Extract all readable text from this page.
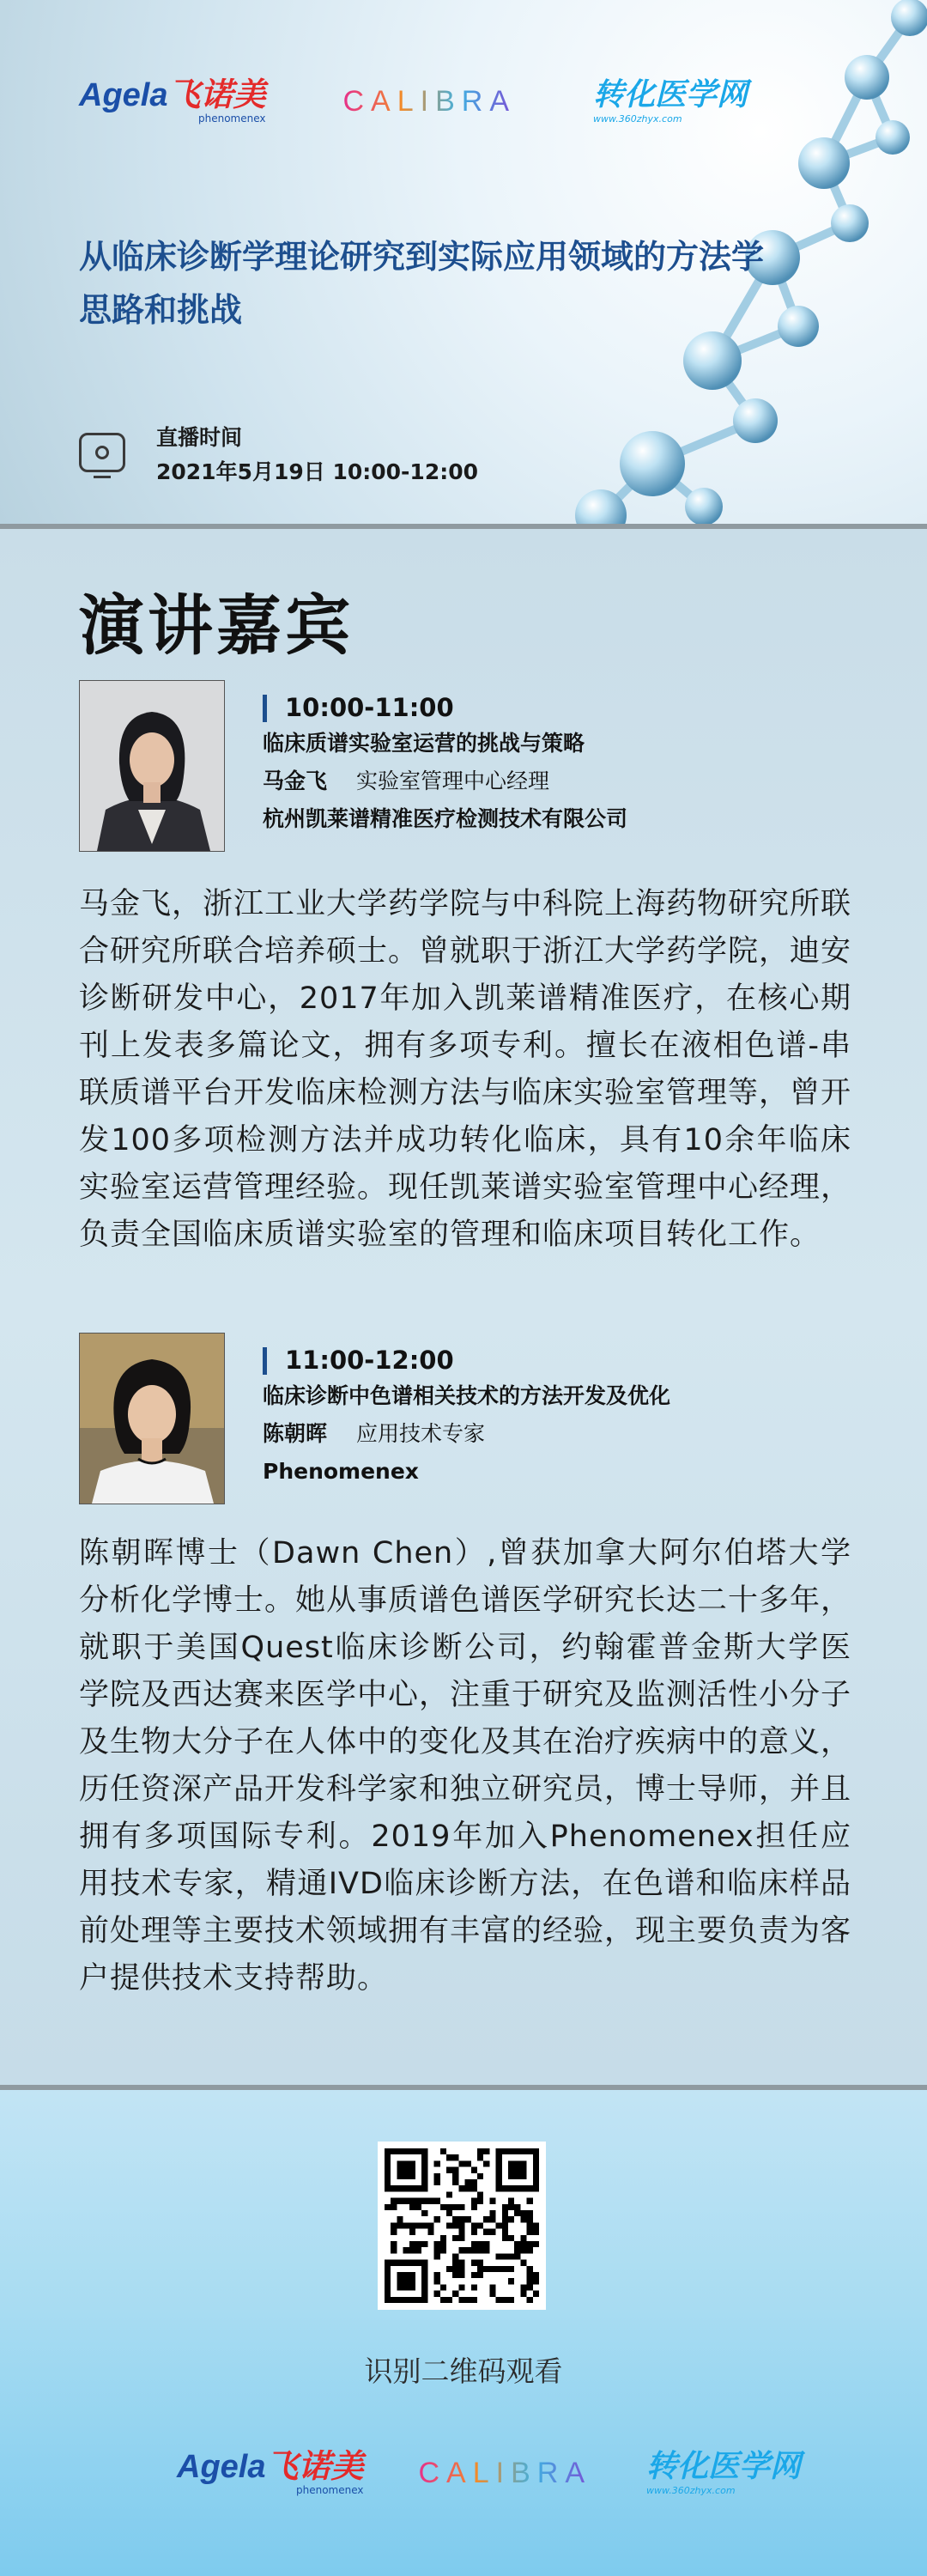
Agela飞诺美
phenomenex
CALIBRA	转化医学网
www.360zhyx.com
从临床诊断学理论研究到实际应用领域的方法学思路和挑战
直播时间
2021年5月19日 10:00-12:00
演讲嘉宾
10:00-11:00
临床质谱实验室运营的挑战与策略
马金飞 实验室管理中心经理
杭州凯莱谱精准医疗检测技术有限公司
马金飞，浙江工业大学药学院与中科院上海药物研究所联合研究所联合培养硕士。曾就职于浙江大学药学院，迪安诊断研发中心，2017年加入凯莱谱精准医疗，在核心期刊上发表多篇论文，拥有多项专利。擅长在液相色谱-串联质谱平台开发临床检测方法与临床实验室管理等，曾开发100多项检测方法并成功转化临床，具有10余年临床实验室运营管理经验。现任凯莱谱实验室管理中心经理，负责全国临床质谱实验室的管理和临床项目转化工作。
11:00-12:00
临床诊断中色谱相关技术的方法开发及优化
陈朝晖 应用技术专家
Phenomenex
陈朝晖博士（Dawn Chen）,曾获加拿大阿尔伯塔大学分析化学博士。她从事质谱色谱医学研究长达二十多年，就职于美国Quest临床诊断公司，约翰霍普金斯大学医学院及西达赛来医学中心，注重于研究及监测活性小分子及生物大分子在人体中的变化及其在治疗疾病中的意义，历任资深产品开发科学家和独立研究员，博士导师，并且拥有多项国际专利。2019年加入Phenomenex担任应用技术专家，精通IVD临床诊断方法，在色谱和临床样品前处理等主要技术领域拥有丰富的经验，现主要负责为客户提供技术支持帮助。
识别二维码观看
Agela飞诺美
phenomenex
CALIBRA 转化医学网
www.360zhyx.com
